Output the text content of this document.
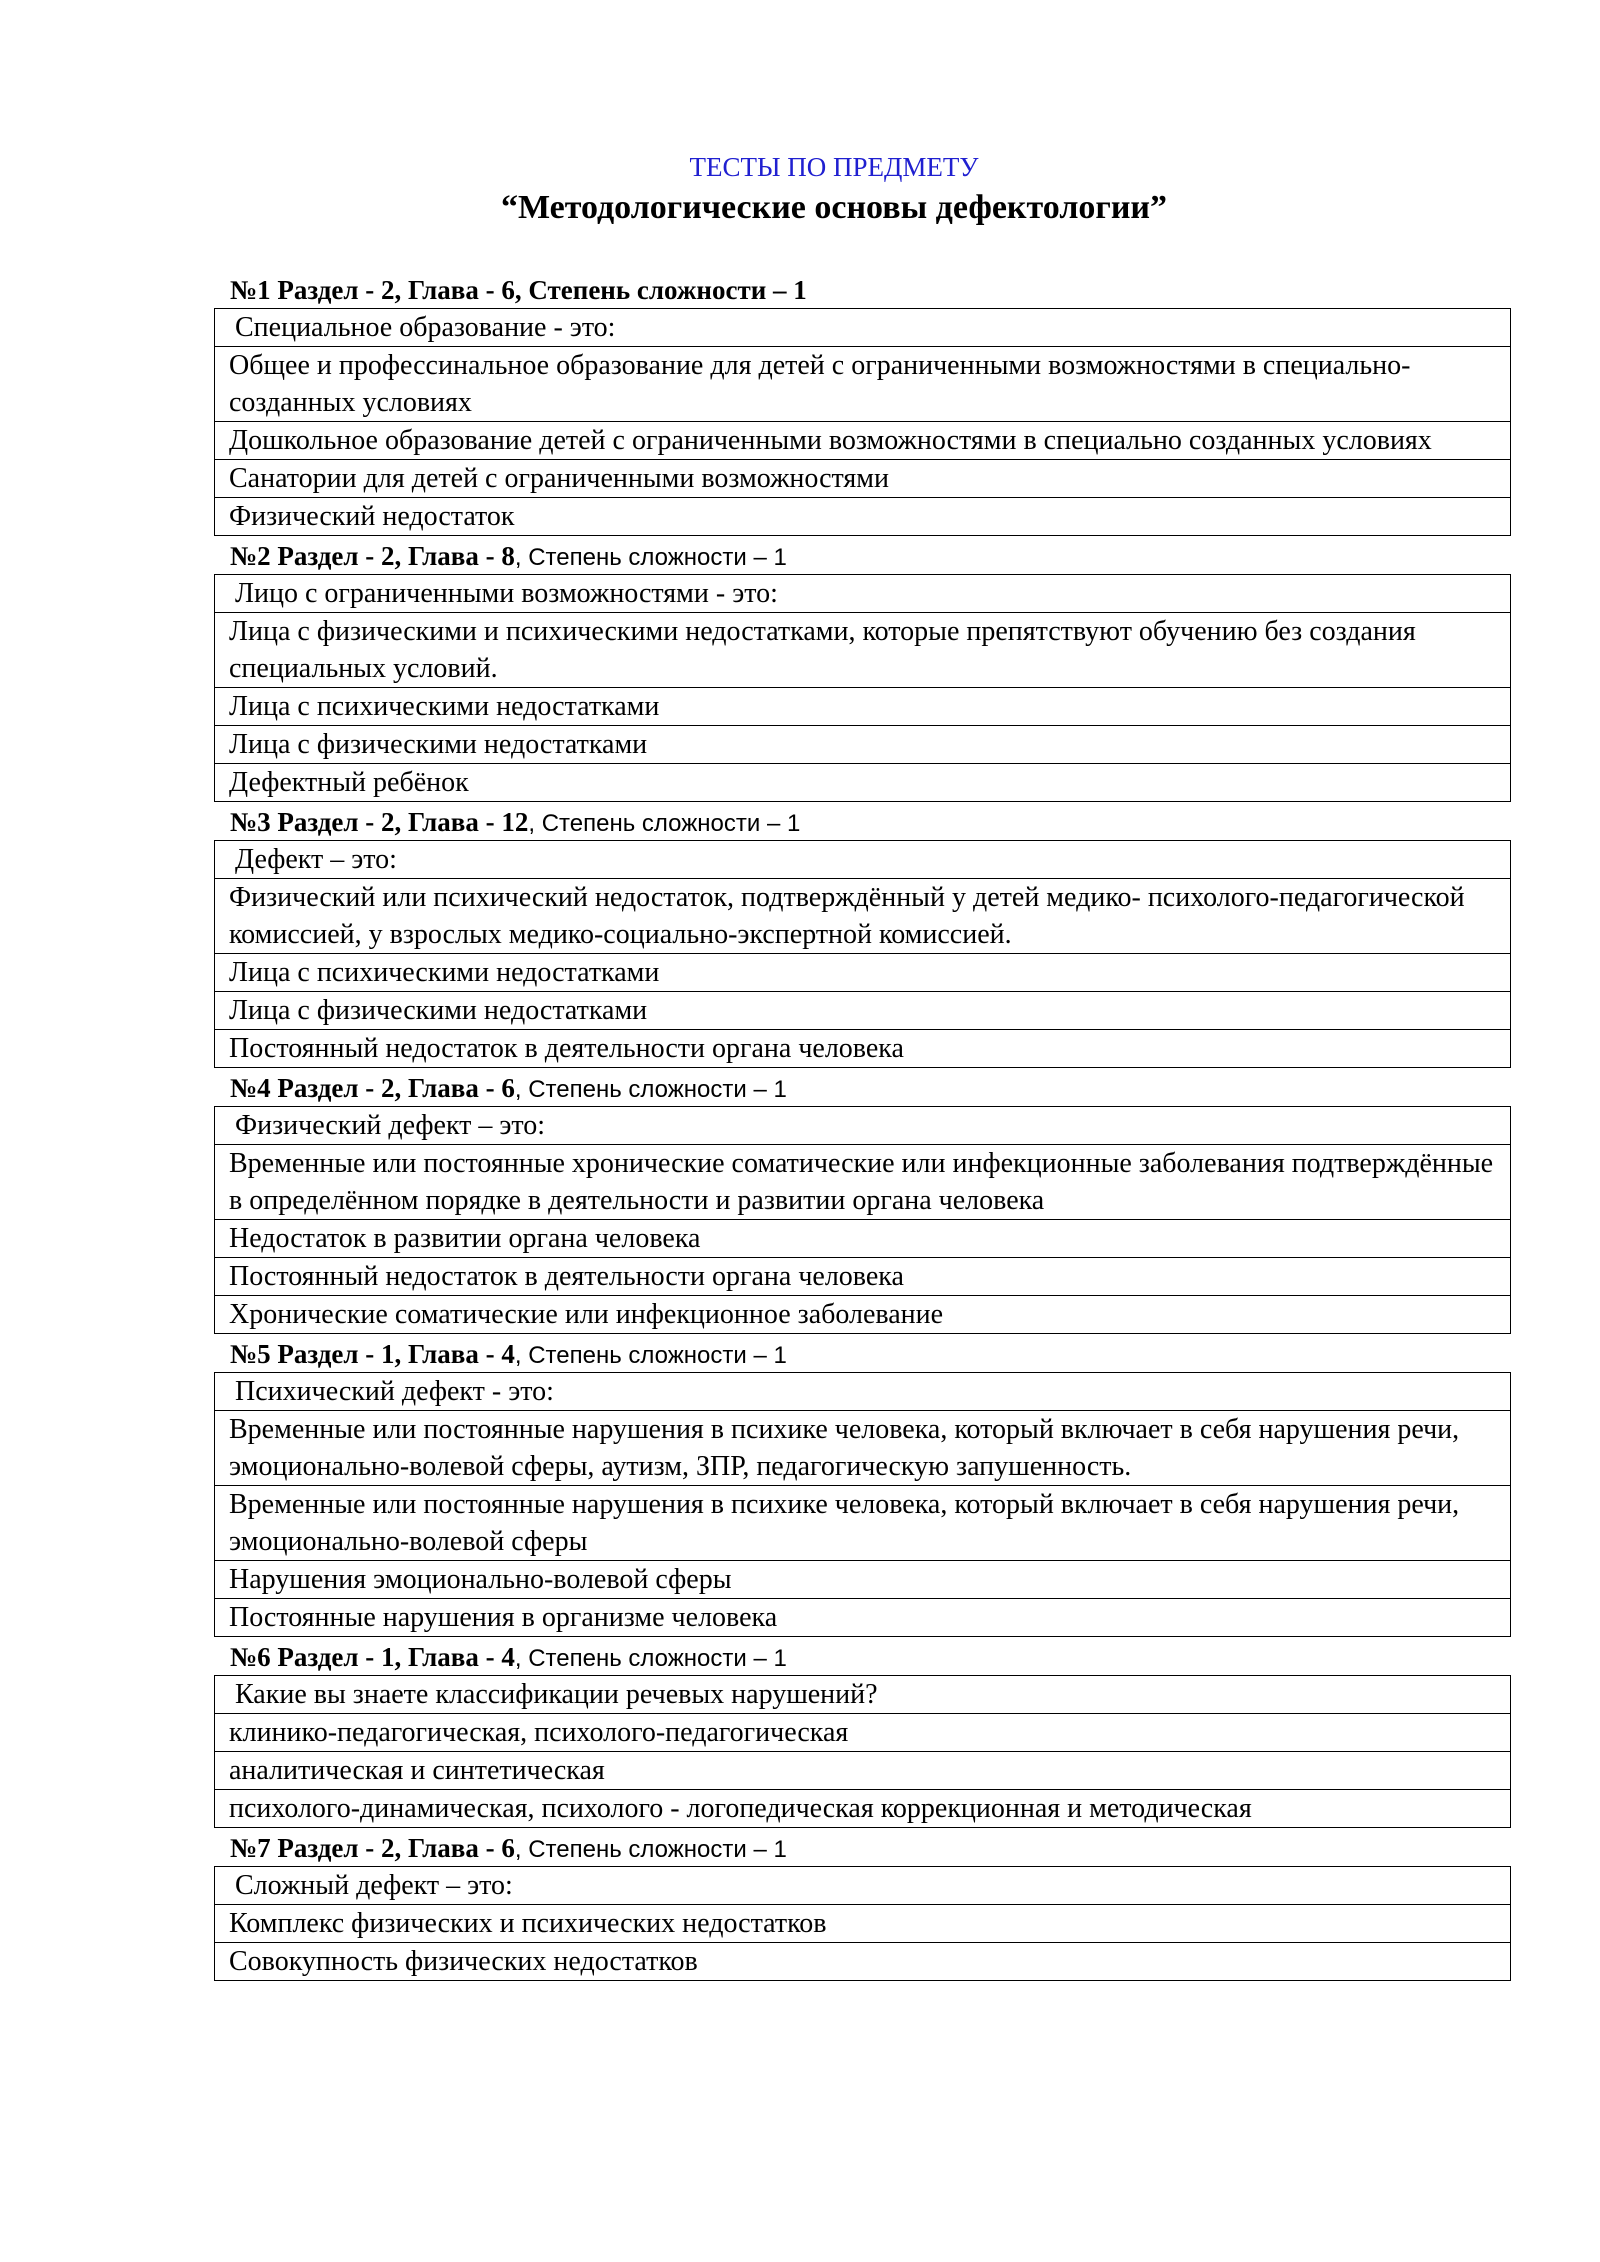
ТЕСТЫ ПО ПРЕДМЕТУ
“Методологические основы дефектологии”
№1 Раздел - 2, Глава - 6, Степень сложности – 1
Специальное образование - это:
Общее и профессинальное образование для детей с ограниченными возможностями в специально-созданных условиях
Дошкольное образование детей с ограниченными возможностями в специально созданных условиях
Санатории для детей с ограниченными возможностями
Физический недостаток
№2 Раздел - 2, Глава - 8, Степень сложности – 1
Лицо с ограниченными возможностями - это:
Лица с физическими и психическими недостатками, которые препятствуют обучению без создания специальных условий.
Лица с психическими недостатками
Лица с физическими недостатками
Дефектный ребёнок
№3 Раздел - 2, Глава - 12, Степень сложности – 1
Дефект – это:
Физический или психический недостаток, подтверждённый у детей медико- психолого-педагогической комиссией, у взрослых медико-социально-экспертной комиссией.
Лица с психическими недостатками
Лица с физическими недостатками
Постоянный недостаток в деятельности органа человека
№4 Раздел - 2, Глава - 6, Степень сложности – 1
Физический дефект – это:
Временные или постоянные хронические соматические или инфекционные заболевания подтверждённые в определённом порядке в деятельности и развитии органа человека
Недостаток в развитии органа человека
Постоянный недостаток в деятельности органа человека
Хронические соматические или инфекционное заболевание
№5 Раздел - 1, Глава - 4, Степень сложности – 1
Психический дефект - это:
Временные или постоянные нарушения в психике человека, который включает в себя нарушения речи, эмоционально-волевой сферы, аутизм, ЗПР, педагогическую запушенность.
Временные или постоянные нарушения в психике человека, который включает в себя нарушения речи, эмоционально-волевой сферы
Нарушения эмоционально-волевой сферы
Постоянные нарушения в организме человека
№6 Раздел - 1, Глава - 4, Степень сложности – 1
Какие вы знаете классификации речевых нарушений?
клинико-педагогическая, психолого-педагогическая
аналитическая и синтетическая
психолого-динамическая, психолого - логопедическая коррекционная и методическая
№7 Раздел - 2, Глава - 6, Степень сложности – 1
Сложный дефект – это:
Комплекс физических и психических недостатков
Совокупность физических недостатков
